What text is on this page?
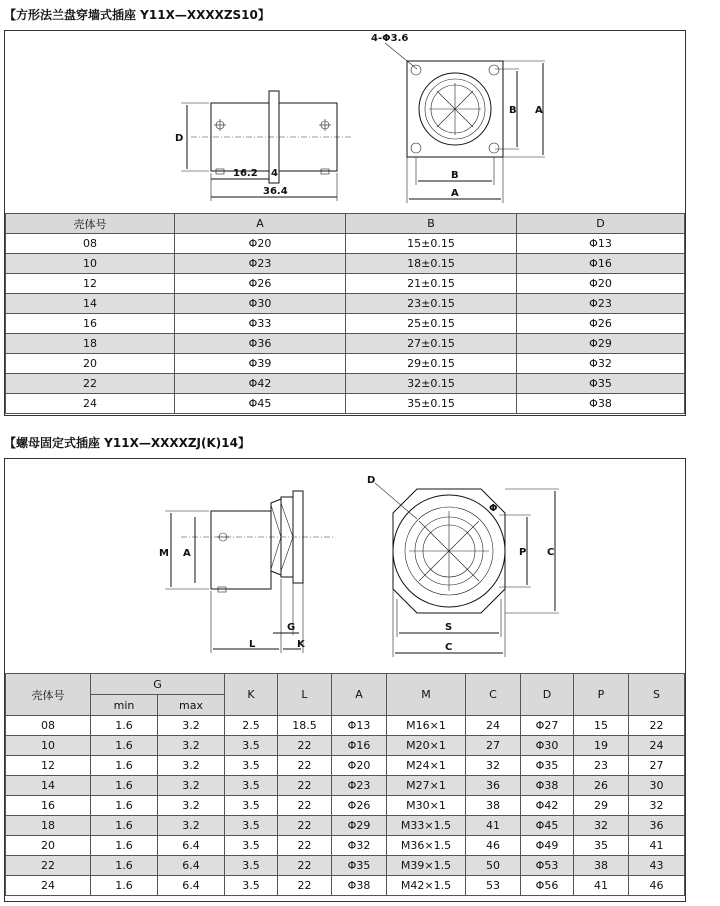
【方形法兰盘穿墙式插座 Y11X—XXXXZS10】
D
16.2 4
36.4
4-Φ3.6
B A
B
A
壳体号	A	B	D
08	Φ20	15±0.15	Φ13
10	Φ23	18±0.15	Φ16
12	Φ26	21±0.15	Φ20
14	Φ30	23±0.15	Φ23
16	Φ33	25±0.15	Φ26
18	Φ36	27±0.15	Φ29
20	Φ39	29±0.15	Φ32
22	Φ42	32±0.15	Φ35
24	Φ45	35±0.15	Φ38
【螺母固定式插座 Y11X—XXXXZJ(K)14】
M A
G
L	K
D
Φ
P C
S
C
壳体号	G		K	L	A	M	C	D	P	S
	min	max								
08	1.6	3.2	2.5	18.5	Φ13	M16×1	24	Φ27	15	22
10	1.6	3.2	3.5	22	Φ16	M20×1	27	Φ30	19	24
12	1.6	3.2	3.5	22	Φ20	M24×1	32	Φ35	23	27
14	1.6	3.2	3.5	22	Φ23	M27×1	36	Φ38	26	30
16	1.6	3.2	3.5	22	Φ26	M30×1	38	Φ42	29	32
18	1.6	3.2	3.5	22	Φ29	M33×1.5	41	Φ45	32	36
20	1.6	6.4	3.5	22	Φ32	M36×1.5	46	Φ49	35	41
22	1.6	6.4	3.5	22	Φ35	M39×1.5	50	Φ53	38	43
24	1.6	6.4	3.5	22	Φ38	M42×1.5	53	Φ56	41	46
